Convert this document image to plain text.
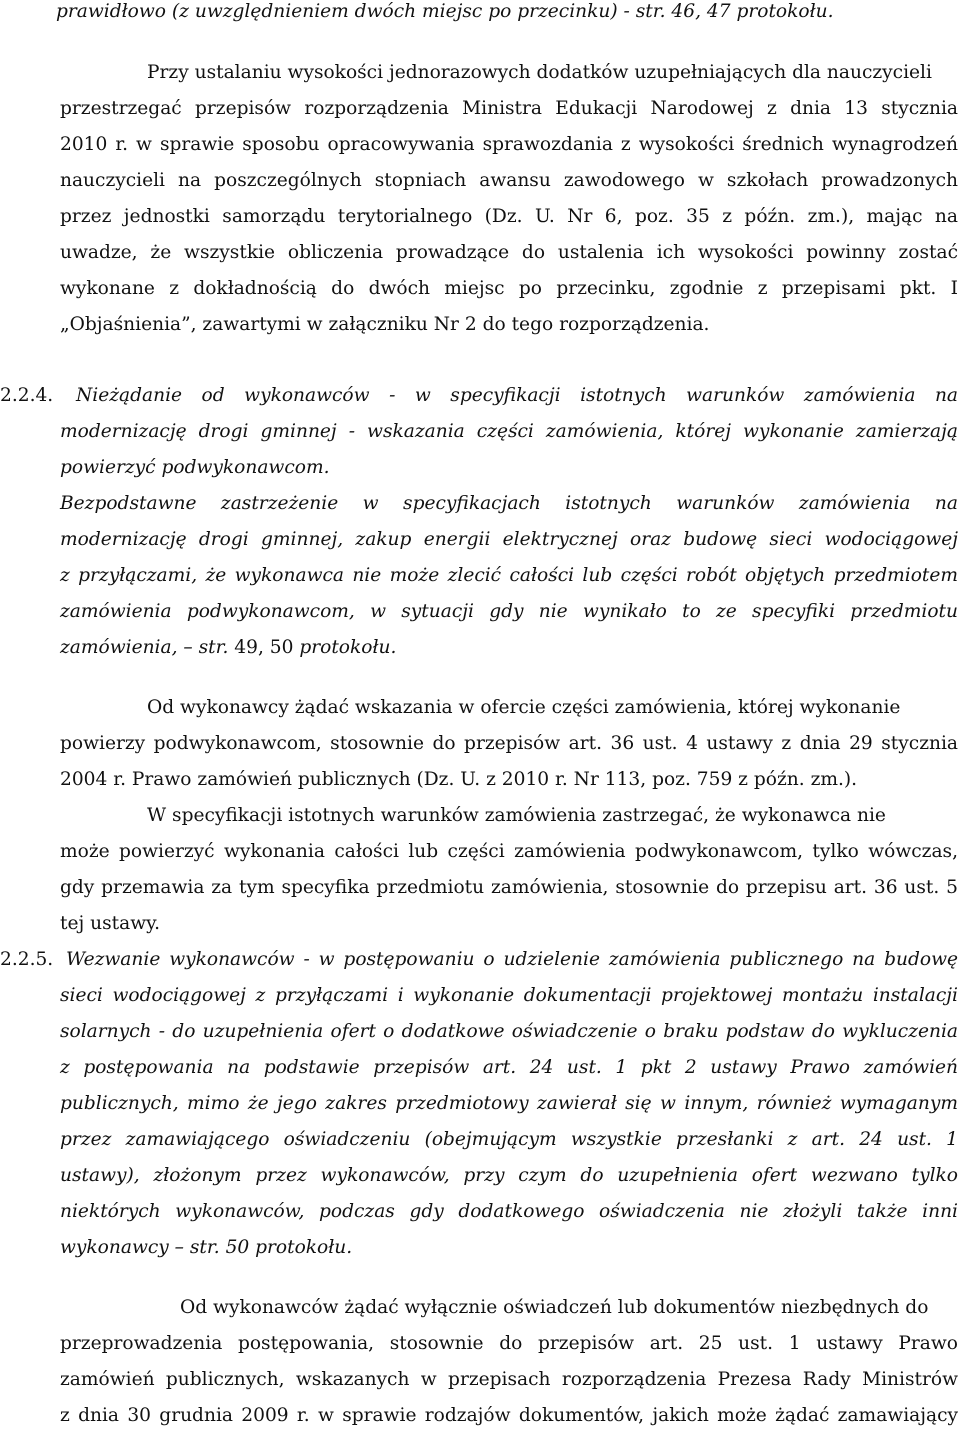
prawidłowo (z uwzględnieniem dwóch miejsc po przecinku) - str. 46, 47 protokołu.
Przy ustalaniu wysokości jednorazowych dodatków uzupełniających dla nauczycieli
przestrzegać przepisów rozporządzenia Ministra Edukacji Narodowej z dnia 13 stycznia
2010 r. w sprawie sposobu opracowywania sprawozdania z wysokości średnich wynagrodzeń
nauczycieli na poszczególnych stopniach awansu zawodowego w szkołach prowadzonych
przez jednostki samorządu terytorialnego (Dz. U. Nr 6, poz. 35 z późn. zm.), mając na
uwadze, że wszystkie obliczenia prowadzące do ustalenia ich wysokości powinny zostać
wykonane z dokładnością do dwóch miejsc po przecinku, zgodnie z przepisami pkt. I
„Objaśnienia”, zawartymi w załączniku Nr 2 do tego rozporządzenia.
2.2.4.	Nieżądanie od wykonawców - w specyfikacji istotnych warunków zamówienia na
modernizację drogi gminnej - wskazania części zamówienia, której wykonanie zamierzają
powierzyć podwykonawcom.
Bezpodstawne zastrzeżenie w specyfikacjach istotnych warunków zamówienia na
modernizację drogi gminnej, zakup energii elektrycznej oraz budowę sieci wodociągowej
z przyłączami, że wykonawca nie może zlecić całości lub części robót objętych przedmiotem
zamówienia podwykonawcom, w sytuacji gdy nie wynikało to ze specyfiki przedmiotu
zamówienia, – str. 49, 50 protokołu.
Od wykonawcy żądać wskazania w ofercie części zamówienia, której wykonanie
powierzy podwykonawcom, stosownie do przepisów art. 36 ust. 4 ustawy z dnia 29 stycznia
2004 r. Prawo zamówień publicznych (Dz. U. z 2010 r. Nr 113, poz. 759 z późn. zm.).
W specyfikacji istotnych warunków zamówienia zastrzegać, że wykonawca nie
może powierzyć wykonania całości lub części zamówienia podwykonawcom, tylko wówczas,
gdy przemawia za tym specyfika przedmiotu zamówienia, stosownie do przepisu art. 36 ust. 5
tej ustawy.
2.2.5. Wezwanie wykonawców - w postępowaniu o udzielenie zamówienia publicznego na budowę
sieci wodociągowej z przyłączami i wykonanie dokumentacji projektowej montażu instalacji
solarnych - do uzupełnienia ofert o dodatkowe oświadczenie o braku podstaw do wykluczenia
z postępowania na podstawie przepisów art. 24 ust. 1 pkt 2 ustawy Prawo zamówień
publicznych, mimo że jego zakres przedmiotowy zawierał się w innym, również wymaganym
przez zamawiającego oświadczeniu (obejmującym wszystkie przesłanki z art. 24 ust. 1
ustawy), złożonym przez wykonawców, przy czym do uzupełnienia ofert wezwano tylko
niektórych wykonawców, podczas gdy dodatkowego oświadczenia nie złożyli także inni
wykonawcy – str. 50 protokołu.
Od wykonawców żądać wyłącznie oświadczeń lub dokumentów niezbędnych do
przeprowadzenia postępowania, stosownie do przepisów art. 25 ust. 1 ustawy Prawo
zamówień publicznych, wskazanych w przepisach rozporządzenia Prezesa Rady Ministrów
z dnia 30 grudnia 2009 r. w sprawie rodzajów dokumentów, jakich może żądać zamawiający
